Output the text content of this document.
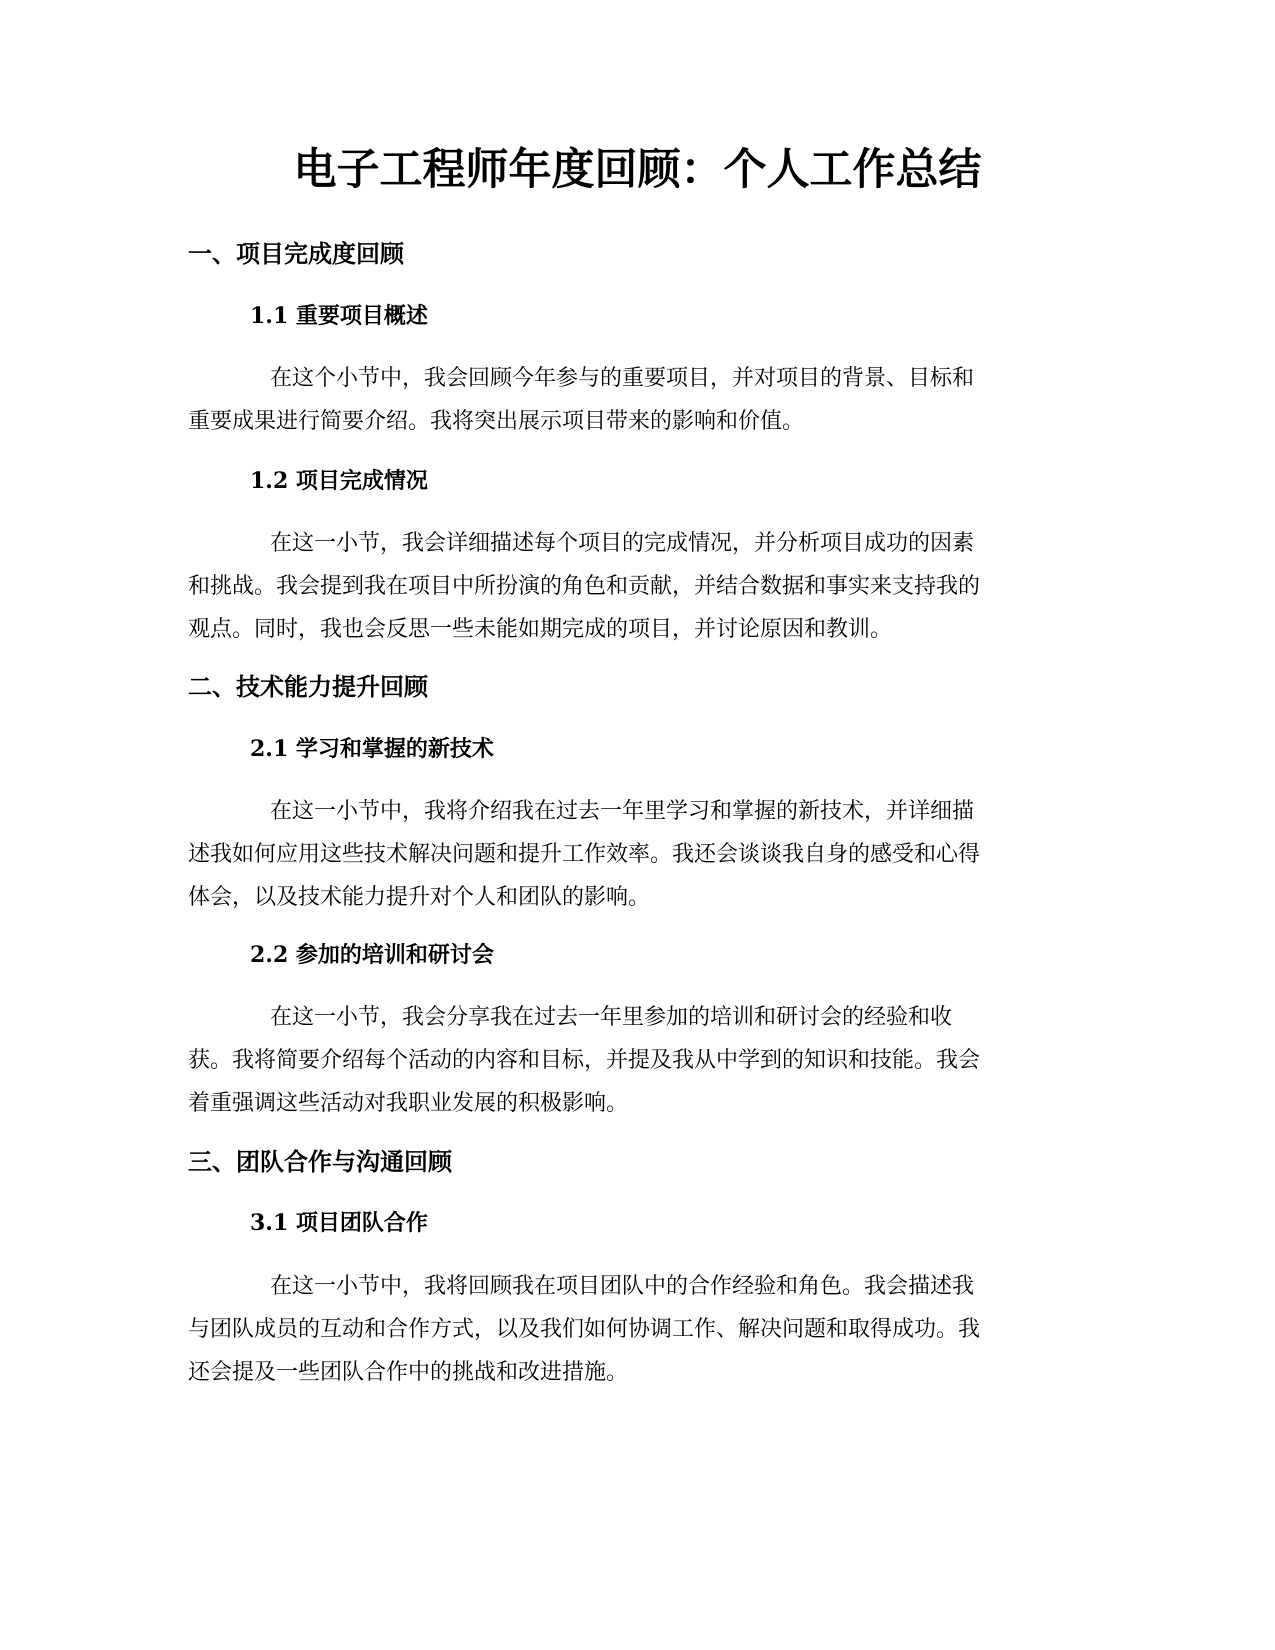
电子工程师年度回顾：个人工作总结
一、项目完成度回顾
1.1 重要项目概述

在这个小节中，我会回顾今年参与的重要项目，并对项目的背景、目标和
重要成果进行简要介绍。我将突出展示项目带来的影响和价值。

1.2 项目完成情况

在这一小节，我会详细描述每个项目的完成情况，并分析项目成功的因素
和挑战。我会提到我在项目中所扮演的角色和贡献，并结合数据和事实来支持我的
观点。同时，我也会反思一些未能如期完成的项目，并讨论原因和教训。

二、技术能力提升回顾
2.1 学习和掌握的新技术

在这一小节中，我将介绍我在过去一年里学习和掌握的新技术，并详细描
述我如何应用这些技术解决问题和提升工作效率。我还会谈谈我自身的感受和心得
体会，以及技术能力提升对个人和团队的影响。

2.2 参加的培训和研讨会

在这一小节，我会分享我在过去一年里参加的培训和研讨会的经验和收
获。我将简要介绍每个活动的内容和目标，并提及我从中学到的知识和技能。我会
着重强调这些活动对我职业发展的积极影响。

三、团队合作与沟通回顾
3.1 项目团队合作

在这一小节中，我将回顾我在项目团队中的合作经验和角色。我会描述我
与团队成员的互动和合作方式，以及我们如何协调工作、解决问题和取得成功。我
还会提及一些团队合作中的挑战和改进措施。
